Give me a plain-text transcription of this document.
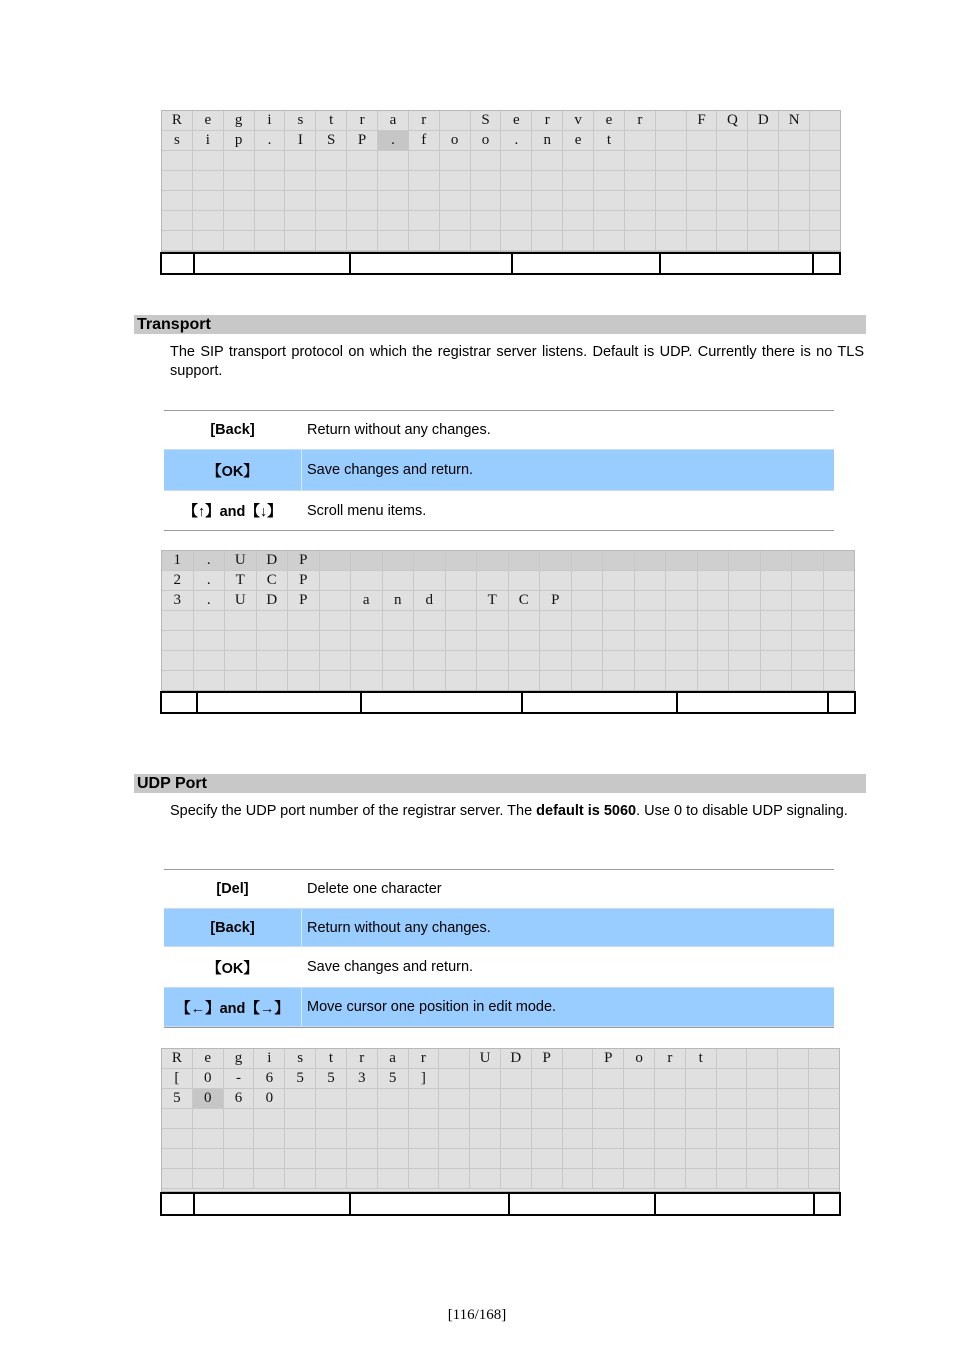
R	e	g	i	s	t	r	a	r	S	e	r	v	e	r	F	Q	D	N
s	i	p	.	I	S	P	.	f	o	o	.	n	e	t
Transport
The SIP transport protocol on which the registrar server listens. Default is UDP. Currently there is no TLS support.
[Back]	Return without any changes.
【OK】	Save changes and return.
【↑】and【↓】	Scroll menu items.
1	.	U	D	P
2	.	T	C	P
3	.	U	D	P	a	n	d	T	C	P
UDP Port
Specify the UDP port number of the registrar server. The default is 5060. Use 0 to disable UDP signaling.
[Del]	Delete one character
[Back]	Return without any changes.
【OK】	Save changes and return.
【←】and【→】	Move cursor one position in edit mode.
R	e	g	i	s	t	r	a	r	U	D	P	P	o	r	t
[	0	-	6	5	5	3	5	]
5	0	6	0
[116/168]
